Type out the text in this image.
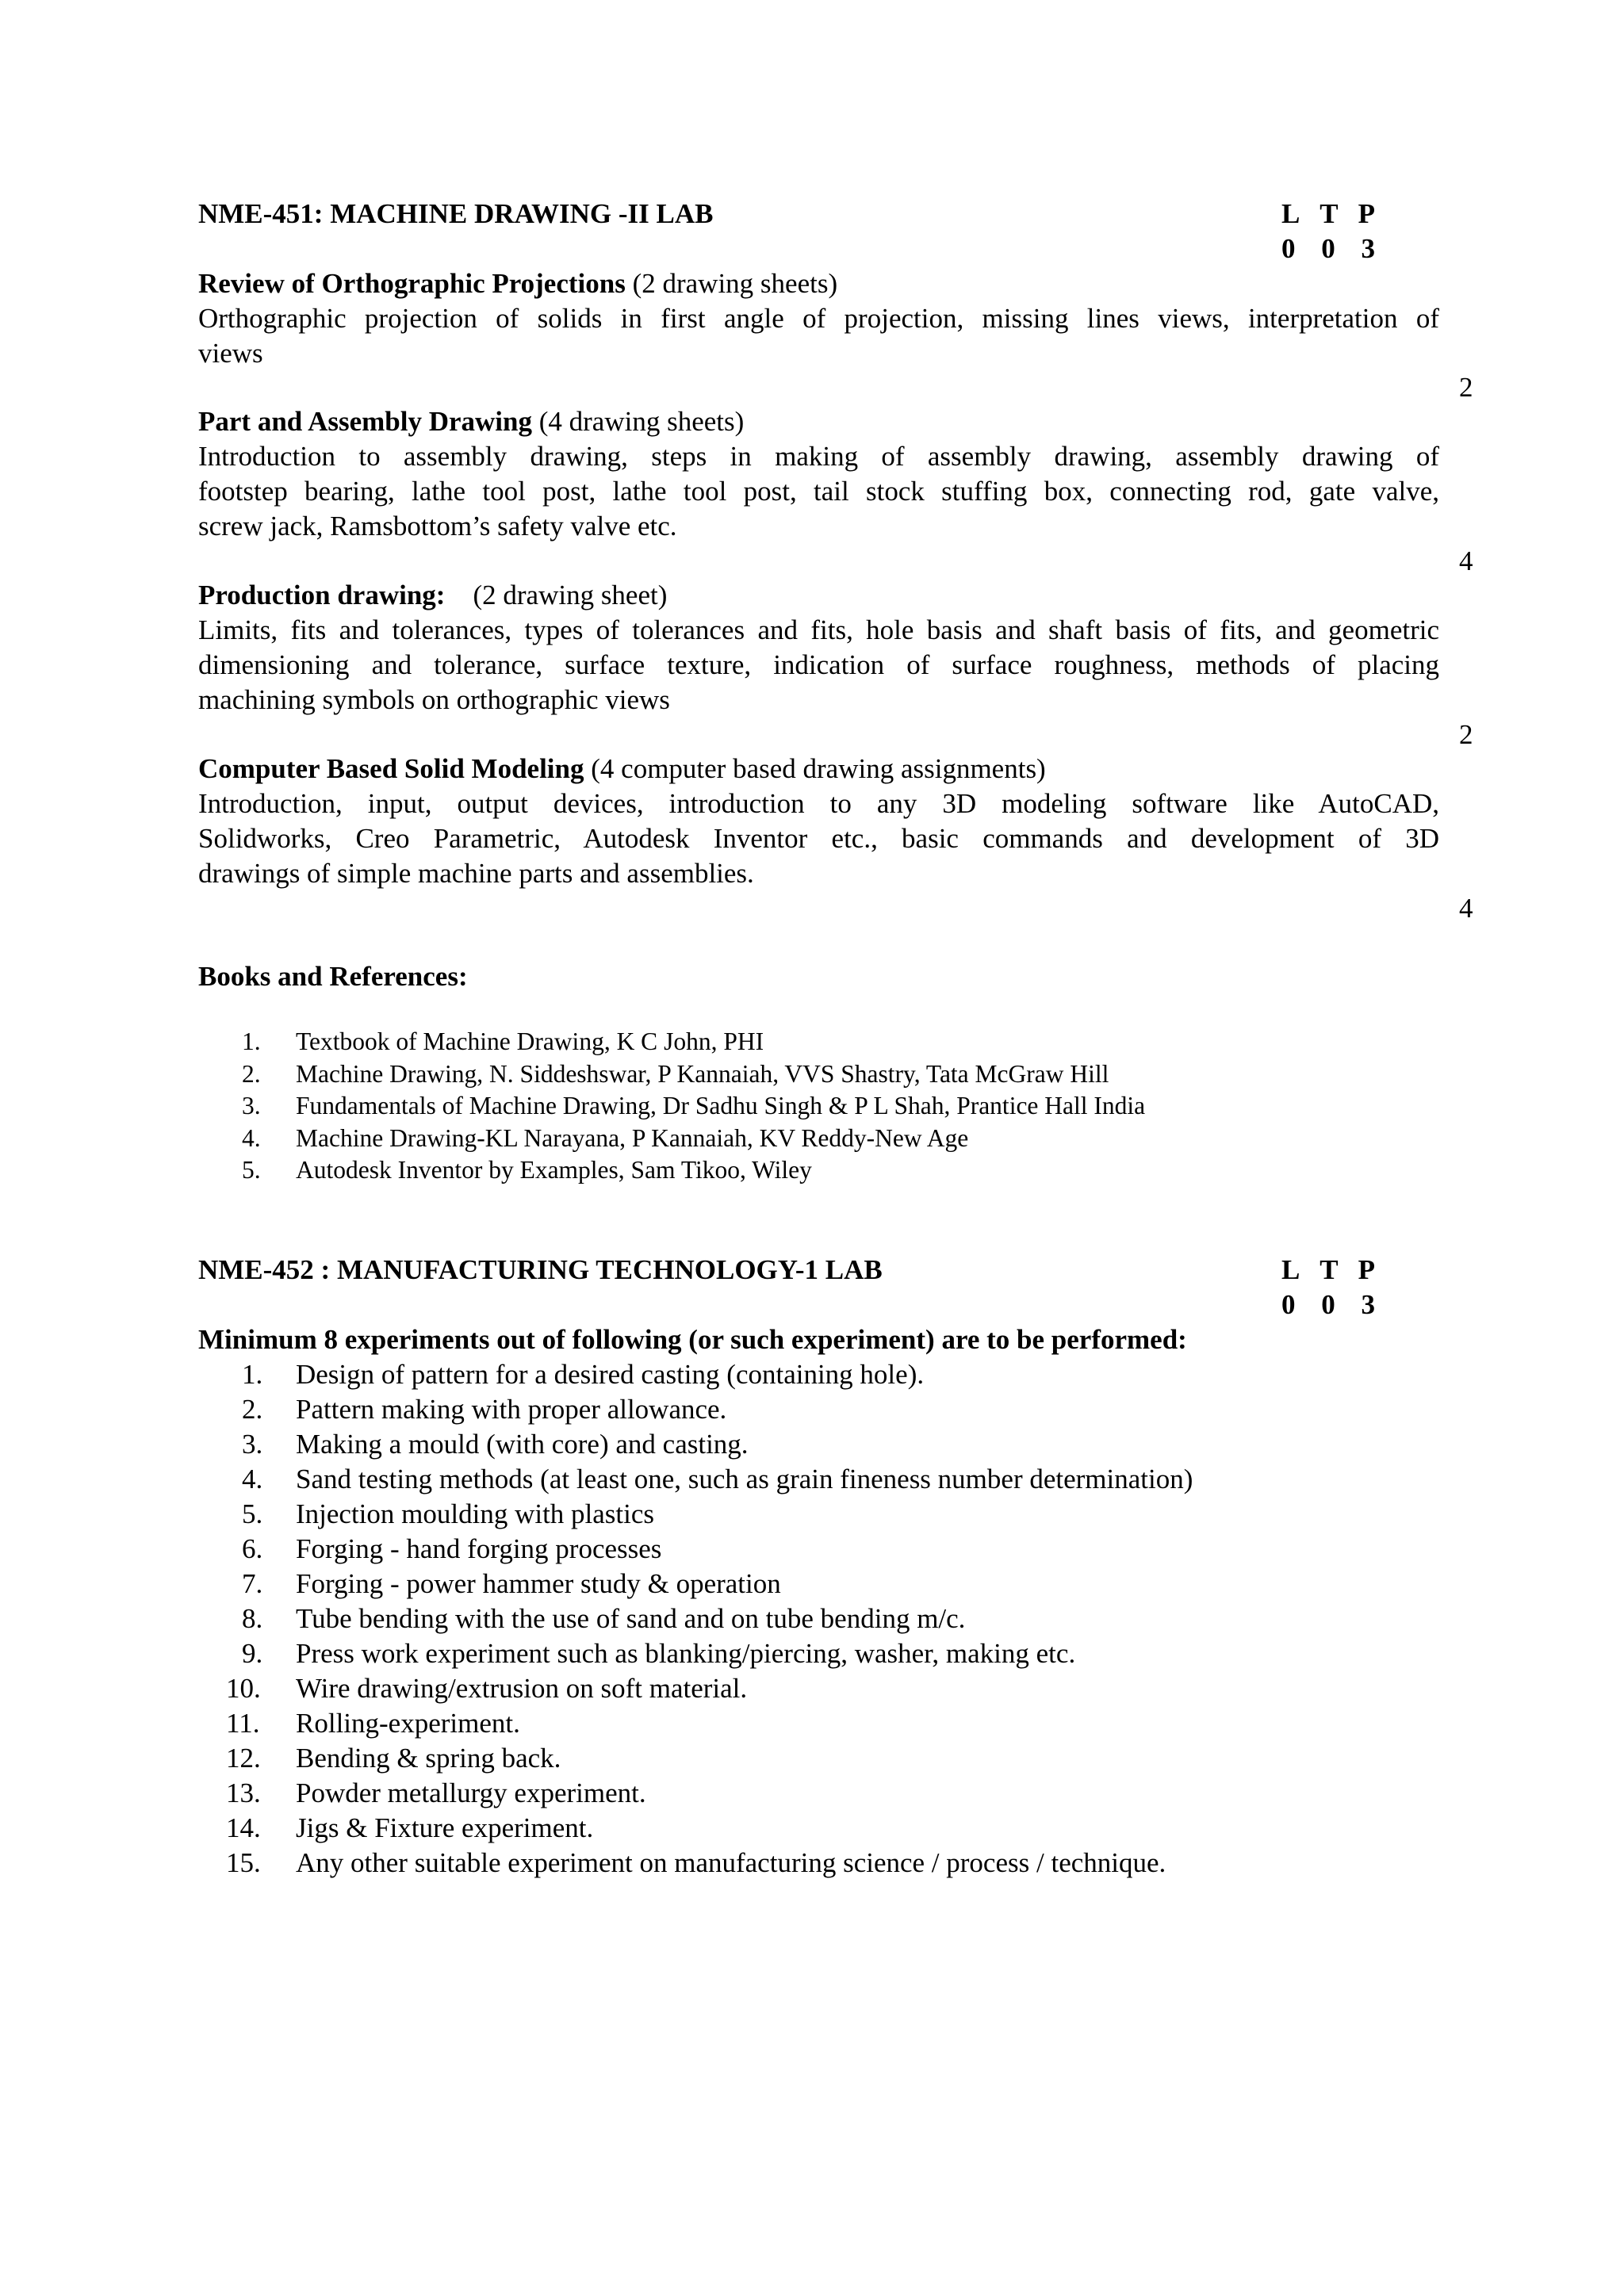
NME-451: MACHINE DRAWING -II LAB	L T P
0 0 3
Review of Orthographic Projections (2 drawing sheets)
Orthographic projection of solids in first angle of projection, missing lines views, interpretation of
views
2
Part and Assembly Drawing (4 drawing sheets)
Introduction to assembly drawing, steps in making of assembly drawing, assembly drawing of
footstep bearing, lathe tool post, lathe tool post, tail stock stuffing box, connecting rod, gate valve,
screw jack, Ramsbottom’s safety valve etc.
4
Production drawing:    (2 drawing sheet)
Limits, fits and tolerances, types of tolerances and fits, hole basis and shaft basis of fits, and geometric
dimensioning and tolerance, surface texture, indication of surface roughness, methods of placing
machining symbols on orthographic views
2
Computer Based Solid Modeling (4 computer based drawing assignments)
Introduction, input, output devices, introduction to any 3D modeling software like AutoCAD,
Solidworks, Creo Parametric, Autodesk Inventor etc., basic commands and development of 3D
drawings of simple machine parts and assemblies.
4
Books and References:
1.	Textbook of Machine Drawing, K C John, PHI
2.	Machine Drawing, N. Siddeshswar, P Kannaiah, VVS Shastry, Tata McGraw Hill
3.	Fundamentals of Machine Drawing, Dr Sadhu Singh & P L Shah, Prantice Hall India
4.	Machine Drawing-KL Narayana, P Kannaiah, KV Reddy-New Age
5.	Autodesk Inventor by Examples, Sam Tikoo, Wiley
NME-452 : MANUFACTURING TECHNOLOGY-1 LAB	L T P
0 0 3
Minimum 8 experiments out of following (or such experiment) are to be performed:
1.	Design of pattern for a desired casting (containing hole).
2.	Pattern making with proper allowance.
3.	Making a mould (with core) and casting.
4.	Sand testing methods (at least one, such as grain fineness number determination)
5.	Injection moulding with plastics
6.	Forging - hand forging processes
7.	Forging - power hammer study & operation
8.	Tube bending with the use of sand and on tube bending m/c.
9.	Press work experiment such as blanking/piercing, washer, making etc.
10.	Wire drawing/extrusion on soft material.
11.	Rolling-experiment.
12.	Bending & spring back.
13.	Powder metallurgy experiment.
14.	Jigs & Fixture experiment.
15.	Any other suitable experiment on manufacturing science / process / technique.
